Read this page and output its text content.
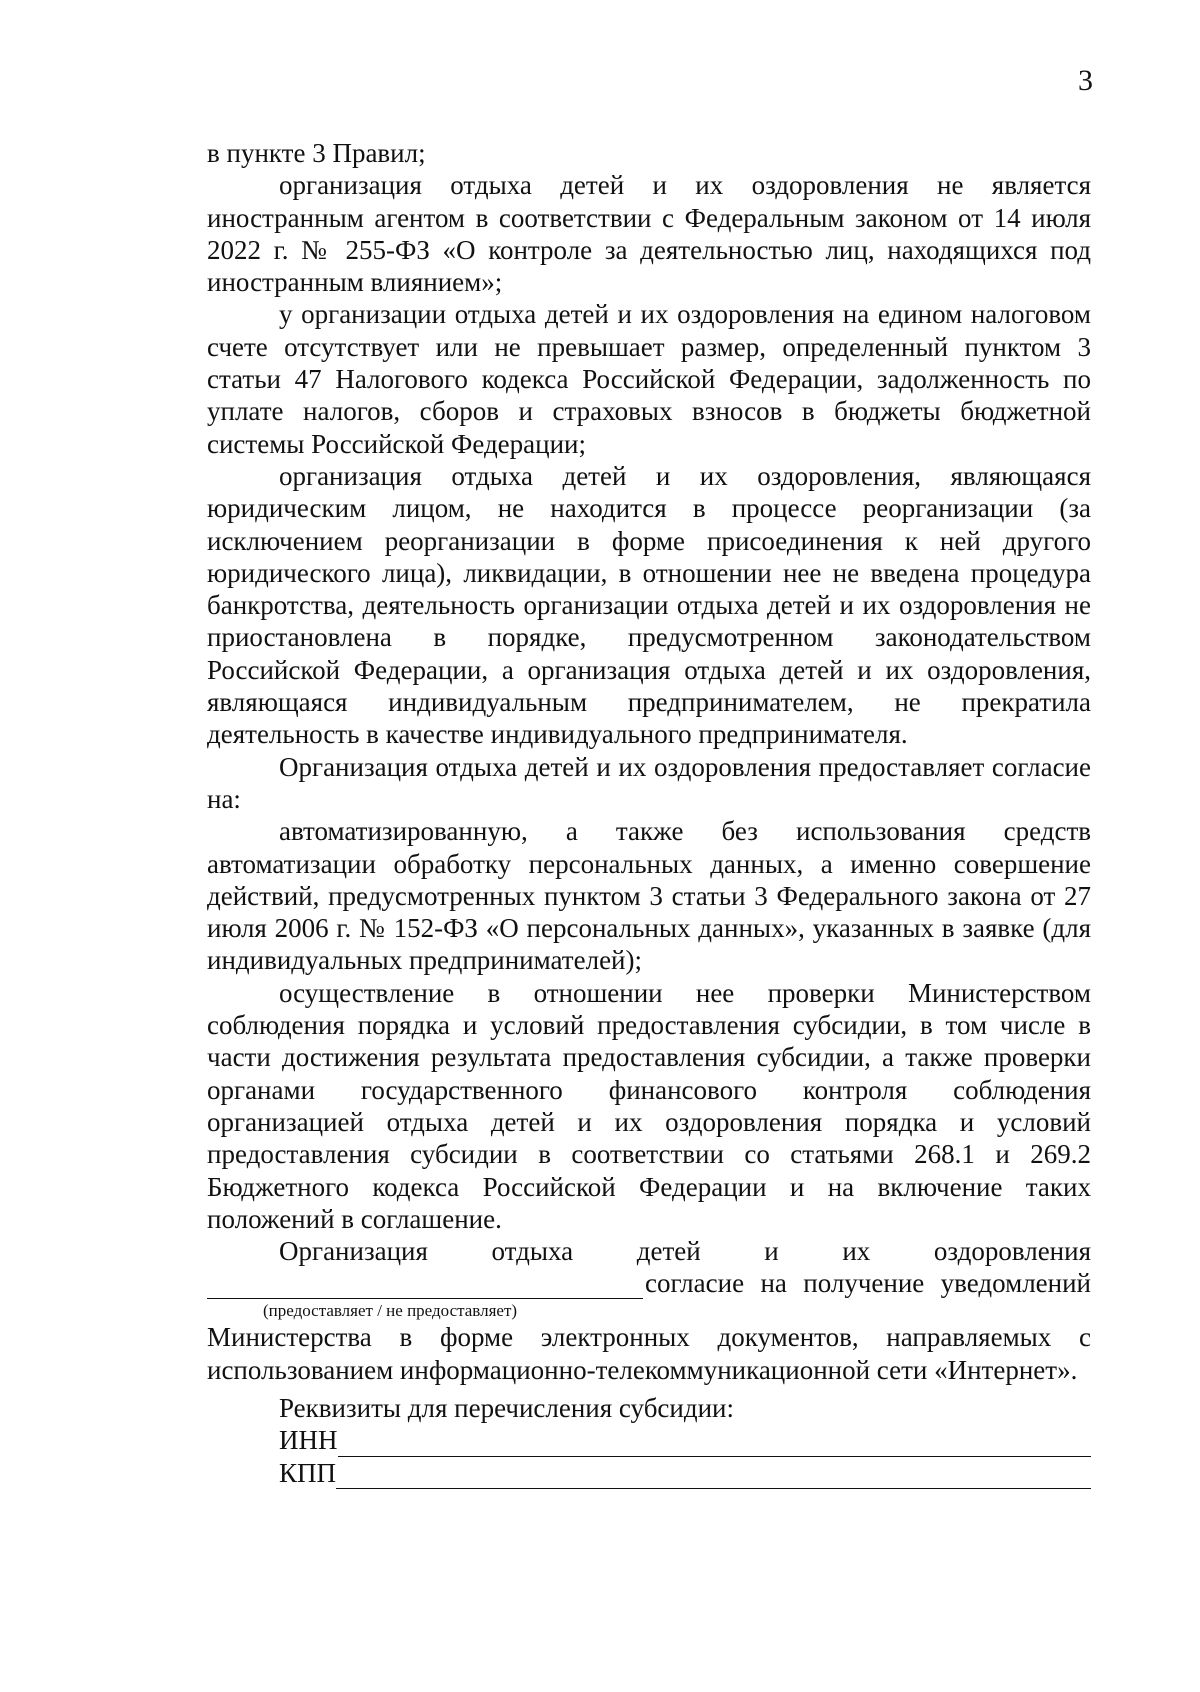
3

в пункте 3 Правил;

организация отдыха детей и их оздоровления не является иностранным агентом в соответствии с Федеральным законом от 14 июля 2022 г. № 255-ФЗ «О контроле за деятельностью лиц, находящихся под иностранным влиянием»;

у организации отдыха детей и их оздоровления на едином налоговом счете отсутствует или не превышает размер, определенный пунктом 3 статьи 47 Налогового кодекса Российской Федерации, задолженность по уплате налогов, сборов и страховых взносов в бюджеты бюджетной системы Российской Федерации;

организация отдыха детей и их оздоровления, являющаяся юридическим лицом, не находится в процессе реорганизации (за исключением реорганизации в форме присоединения к ней другого юридического лица), ликвидации, в отношении нее не введена процедура банкротства, деятельность организации отдыха детей и их оздоровления не приостановлена в порядке, предусмотренном законодательством Российской Федерации, а организация отдыха детей и их оздоровления, являющаяся индивидуальным предпринимателем, не прекратила деятельность в качестве индивидуального предпринимателя.

Организация отдыха детей и их оздоровления предоставляет согласие на:

автоматизированную, а также без использования средств автоматизации обработку персональных данных, а именно совершение действий, предусмотренных пунктом 3 статьи 3 Федерального закона от 27 июля 2006 г. № 152-ФЗ «О персональных данных», указанных в заявке (для индивидуальных предпринимателей);

осуществление в отношении нее проверки Министерством соблюдения порядка и условий предоставления субсидии, в том числе в части достижения результата предоставления субсидии, а также проверки органами государственного финансового контроля соблюдения организацией отдыха детей и их оздоровления порядка и условий предоставления субсидии в соответствии со статьями 268.1 и 269.2 Бюджетного кодекса Российской Федерации и на включение таких положений в соглашение.

Организация отдыха детей и их оздоровления

согласие на получение уведомлений
(предоставляет / не предоставляет)

Министерства в форме электронных документов, направляемых с использованием информационно-телекоммуникационной сети «Интернет».

Реквизиты для перечисления субсидии:

ИНН
КПП
